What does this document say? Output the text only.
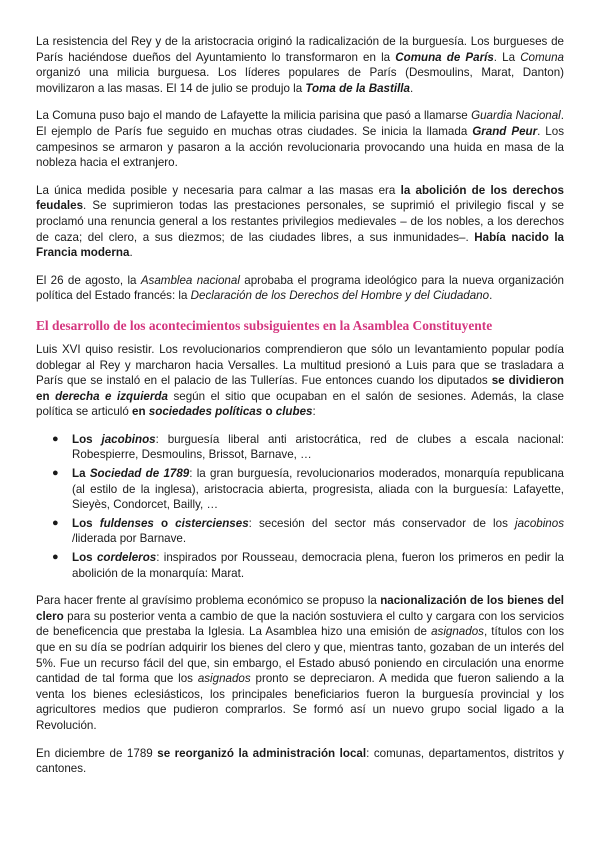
La resistencia del Rey y de la aristocracia originó la radicalización de la burguesía. Los burgueses de París haciéndose dueños del Ayuntamiento lo transformaron en la Comuna de París. La Comuna organizó una milicia burguesa. Los líderes populares de París (Desmoulins, Marat, Danton) movilizaron a las masas. El 14 de julio se produjo la Toma de la Bastilla.

La Comuna puso bajo el mando de Lafayette la milicia parisina que pasó a llamarse Guardia Nacional. El ejemplo de París fue seguido en muchas otras ciudades. Se inicia la llamada Grand Peur. Los campesinos se armaron y pasaron a la acción revolucionaria provocando una huida en masa de la nobleza hacia el extranjero.

La única medida posible y necesaria para calmar a las masas era la abolición de los derechos feudales. Se suprimieron todas las prestaciones personales, se suprimió el privilegio fiscal y se proclamó una renuncia general a los restantes privilegios medievales – de los nobles, a los derechos de caza; del clero, a sus diezmos; de las ciudades libres, a sus inmunidades–. Había nacido la Francia moderna.

El 26 de agosto, la Asamblea nacional aprobaba el programa ideológico para la nueva organización política del Estado francés: la Declaración de los Derechos del Hombre y del Ciudadano.

El desarrollo de los acontecimientos subsiguientes en la Asamblea Constituyente

Luis XVI quiso resistir. Los revolucionarios comprendieron que sólo un levantamiento popular podía doblegar al Rey y marcharon hacia Versalles. La multitud presionó a Luis para que se trasladara a París que se instaló en el palacio de las Tullerías. Fue entonces cuando los diputados se dividieron en derecha e izquierda según el sitio que ocupaban en el salón de sesiones. Además, la clase política se articuló en sociedades políticas o clubes:

● Los jacobinos: burguesía liberal anti aristocrática, red de clubes a escala nacional: Robespierre, Desmoulins, Brissot, Barnave, …
● La Sociedad de 1789: la gran burguesía, revolucionarios moderados, monarquía republicana (al estilo de la inglesa), aristocracia abierta, progresista, aliada con la burguesía: Lafayette, Sieyès, Condorcet, Bailly, …
● Los fuldenses o cistercienses: secesión del sector más conservador de los jacobinos /liderada por Barnave.
● Los cordeleros: inspirados por Rousseau, democracia plena, fueron los primeros en pedir la abolición de la monarquía: Marat.

Para hacer frente al gravísimo problema económico se propuso la nacionalización de los bienes del clero para su posterior venta a cambio de que la nación sostuviera el culto y cargara con los servicios de beneficencia que prestaba la Iglesia. La Asamblea hizo una emisión de asignados, títulos con los que en su día se podrían adquirir los bienes del clero y que, mientras tanto, gozaban de un interés del 5%. Fue un recurso fácil del que, sin embargo, el Estado abusó poniendo en circulación una enorme cantidad de tal forma que los asignados pronto se depreciaron. A medida que fueron saliendo a la venta los bienes eclesiásticos, los principales beneficiarios fueron la burguesía provincial y los agricultores medios que pudieron comprarlos. Se formó así un nuevo grupo social ligado a la Revolución.

En diciembre de 1789 se reorganizó la administración local: comunas, departamentos, distritos y cantones.
